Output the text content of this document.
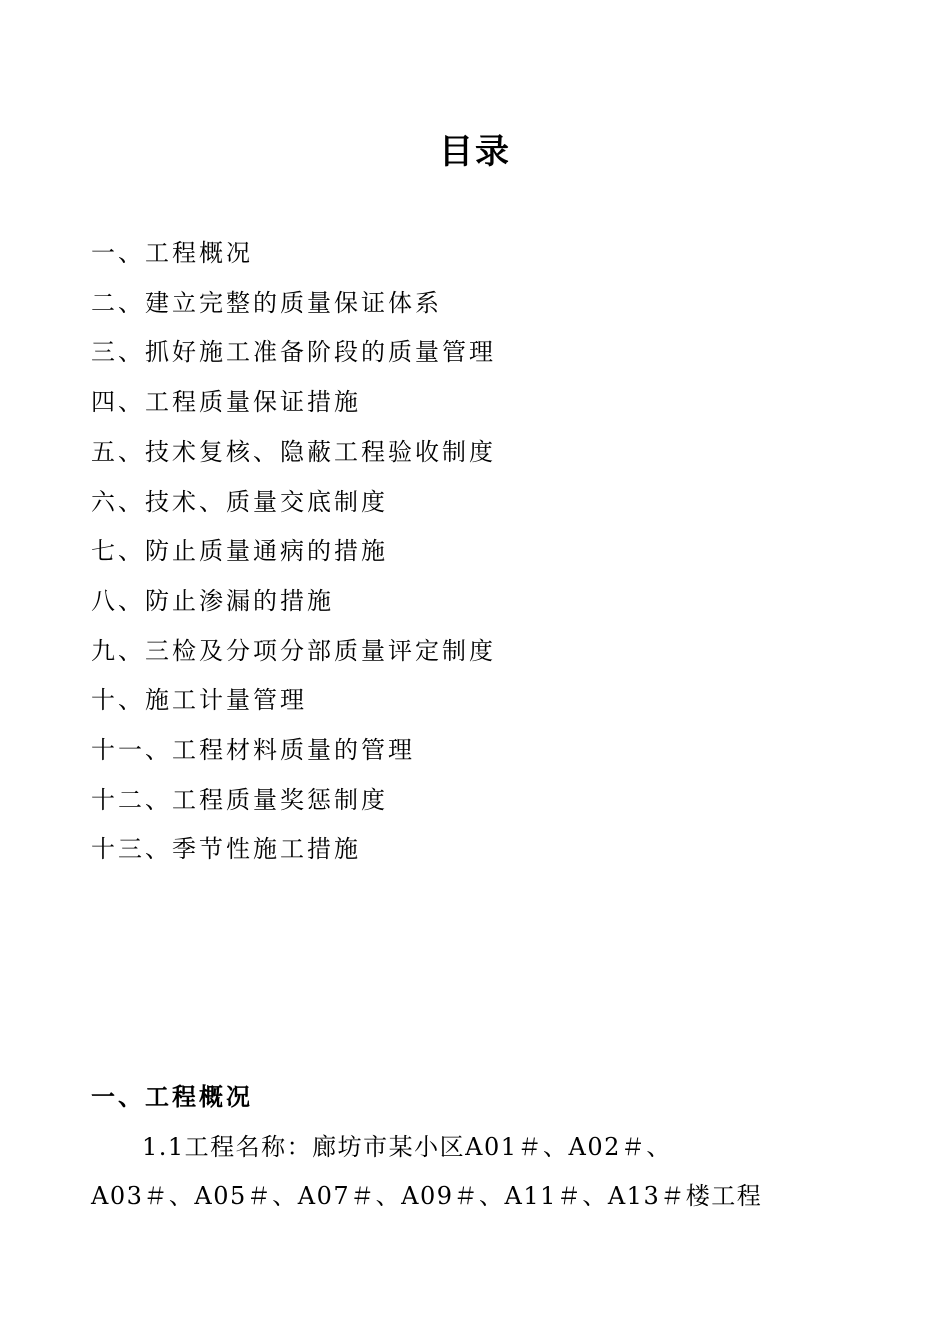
目录
一、工程概况
二、建立完整的质量保证体系
三、抓好施工准备阶段的质量管理
四、工程质量保证措施
五、技术复核、隐蔽工程验收制度
六、技术、质量交底制度
七、防止质量通病的措施
八、防止渗漏的措施
九、三检及分项分部质量评定制度
十、施工计量管理
十一、工程材料质量的管理
十二、工程质量奖惩制度
十三、季节性施工措施
一、工程概况
1.1工程名称：廊坊市某小区A01＃、A02＃、
A03＃、A05＃、A07＃、A09＃、A11＃、A13＃楼工程
